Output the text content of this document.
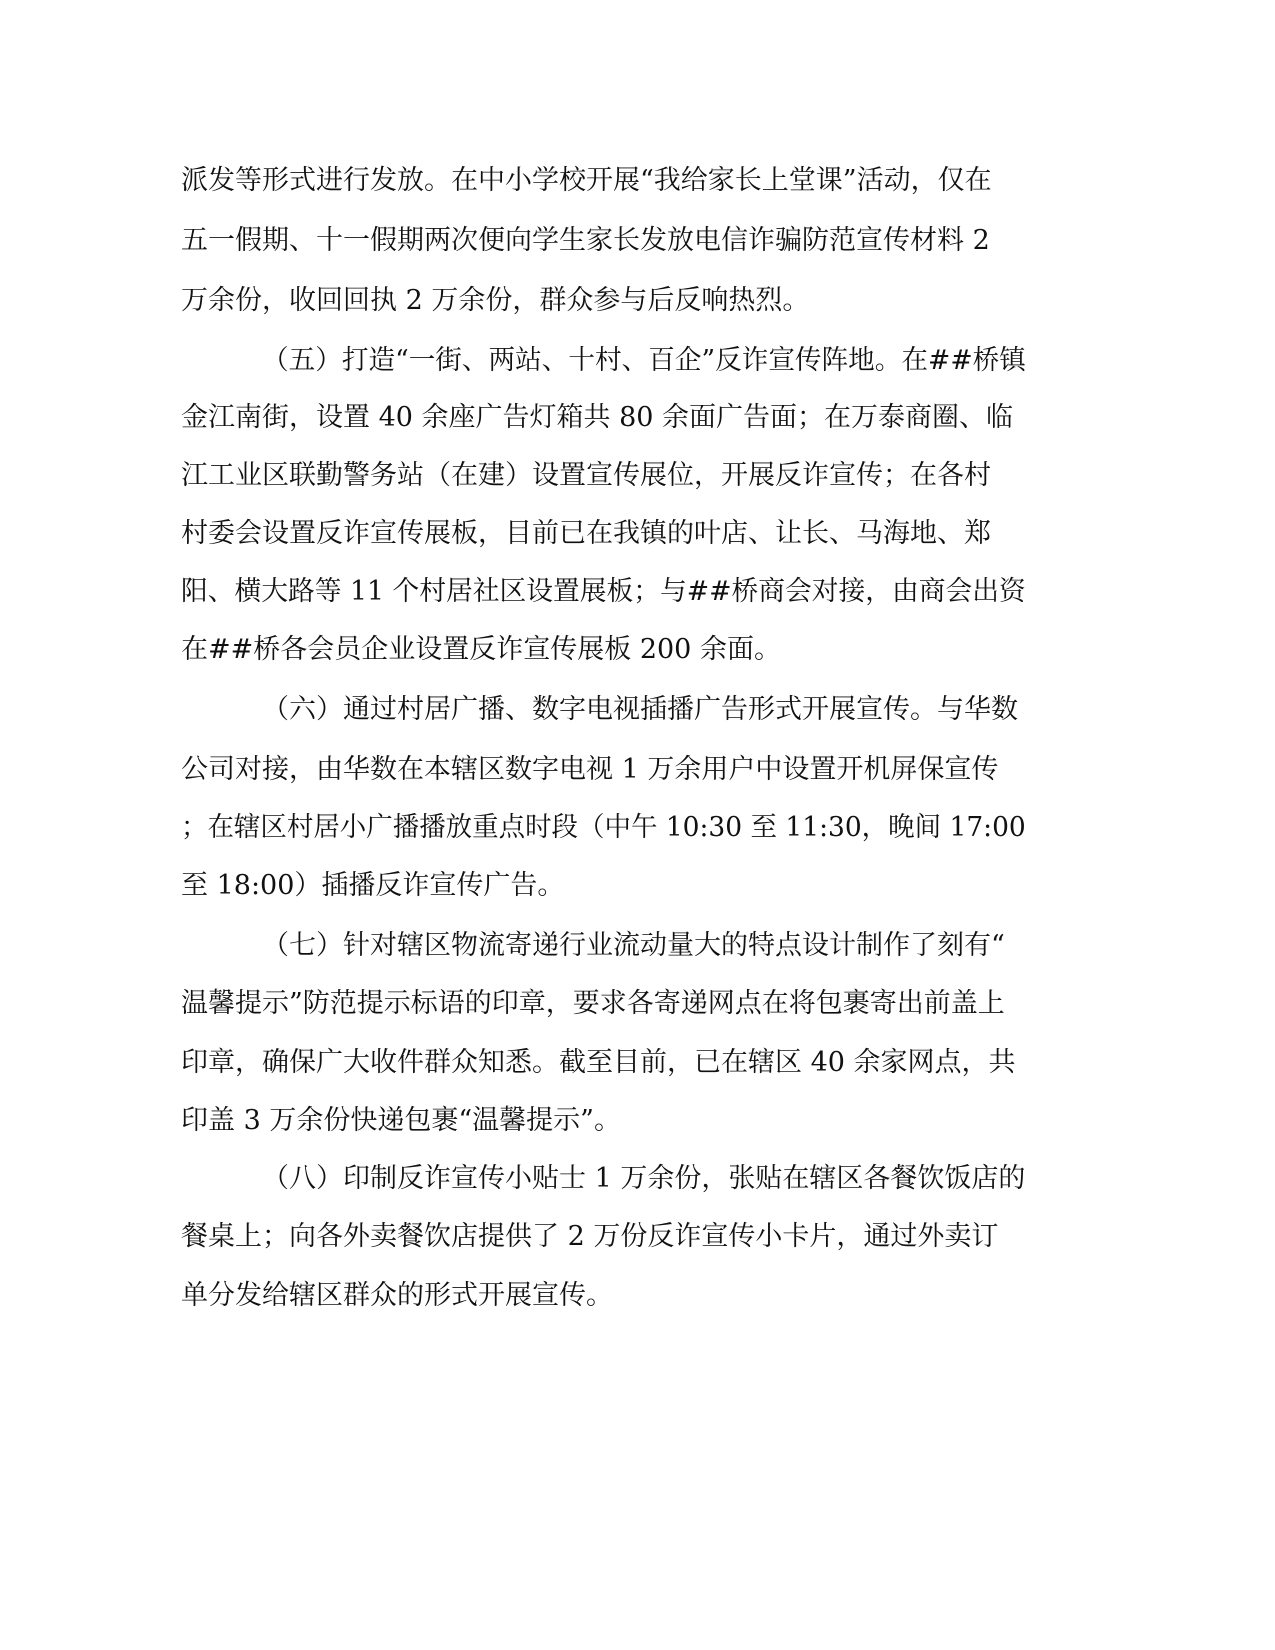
派发等形式进行发放。在中小学校开展“我给家长上堂课”活动，仅在

五一假期、十一假期两次便向学生家长发放电信诈骗防范宣传材料 2

万余份，收回回执 2 万余份，群众参与后反响热烈。

（五）打造“一街、两站、十村、百企”反诈宣传阵地。在##桥镇

金江南街，设置 40 余座广告灯箱共 80 余面广告面；在万泰商圈、临

江工业区联勤警务站（在建）设置宣传展位，开展反诈宣传；在各村

村委会设置反诈宣传展板，目前已在我镇的叶店、让长、马海地、郑

阳、横大路等 11 个村居社区设置展板；与##桥商会对接，由商会出资

在##桥各会员企业设置反诈宣传展板 200 余面。

（六）通过村居广播、数字电视插播广告形式开展宣传。与华数

公司对接，由华数在本辖区数字电视 1 万余用户中设置开机屏保宣传

；在辖区村居小广播播放重点时段（中午 10:30 至 11:30，晚间 17:00

至 18:00）插播反诈宣传广告。

（七）针对辖区物流寄递行业流动量大的特点设计制作了刻有“

温馨提示”防范提示标语的印章，要求各寄递网点在将包裹寄出前盖上

印章，确保广大收件群众知悉。截至目前，已在辖区 40 余家网点，共

印盖 3 万余份快递包裹“温馨提示”。

（八）印制反诈宣传小贴士 1 万余份，张贴在辖区各餐饮饭店的

餐桌上；向各外卖餐饮店提供了 2 万份反诈宣传小卡片，通过外卖订

单分发给辖区群众的形式开展宣传。
